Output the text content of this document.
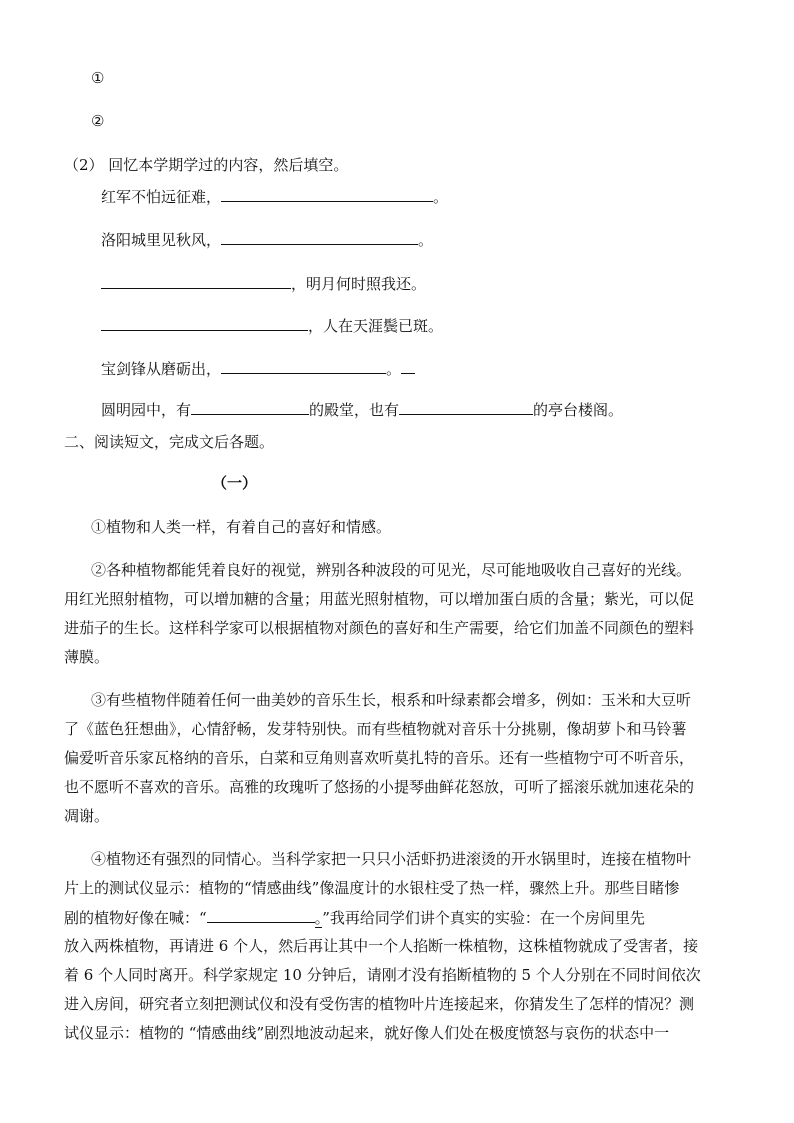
①
②
（2） 回忆本学期学过的内容，然后填空。
红军不怕远征难，	。
洛阳城里见秋风，	。
，明月何时照我还。
，人在天涯鬓已斑。
宝剑锋从磨砺出，	。
圆明园中，有	的殿堂，也有	的亭台楼阁。
二、阅读短文，完成文后各题。
（一）
①植物和人类一样，有着自己的喜好和情感。
②各种植物都能凭着良好的视觉，辨别各种波段的可见光，尽可能地吸收自己喜好的光线。
用红光照射植物，可以增加糖的含量；用蓝光照射植物，可以增加蛋白质的含量；紫光，可以促
进茄子的生长。这样科学家可以根据植物对颜色的喜好和生产需要，给它们加盖不同颜色的塑料
薄膜。
③有些植物伴随着任何一曲美妙的音乐生长，根系和叶绿素都会增多，例如：玉米和大豆听
了《蓝色狂想曲》，心情舒畅，发芽特别快。而有些植物就对音乐十分挑剔，像胡萝卜和马铃薯
偏爱听音乐家瓦格纳的音乐，白菜和豆角则喜欢听莫扎特的音乐。还有一些植物宁可不听音乐，
也不愿听不喜欢的音乐。高雅的玫瑰听了悠扬的小提琴曲鲜花怒放，可听了摇滚乐就加速花朵的
凋谢。
④植物还有强烈的同情心。当科学家把一只只小活虾扔进滚烫的开水锅里时，连接在植物叶
片上的测试仪显示：植物的“情感曲线”像温度计的水银柱受了热一样，骤然上升。那些目睹惨
剧的植物好像在喊：“	。”我再给同学们讲个真实的实验：在一个房间里先
放入两株植物，再请进 6 个人，然后再让其中一个人掐断一株植物，这株植物就成了受害者，接
着 6 个人同时离开。科学家规定 10 分钟后，请刚才没有掐断植物的 5 个人分别在不同时间依次
进入房间，研究者立刻把测试仪和没有受伤害的植物叶片连接起来，你猜发生了怎样的情况？测
试仪显示：植物的 “情感曲线”剧烈地波动起来，就好像人们处在极度愤怒与哀伤的状态中一
